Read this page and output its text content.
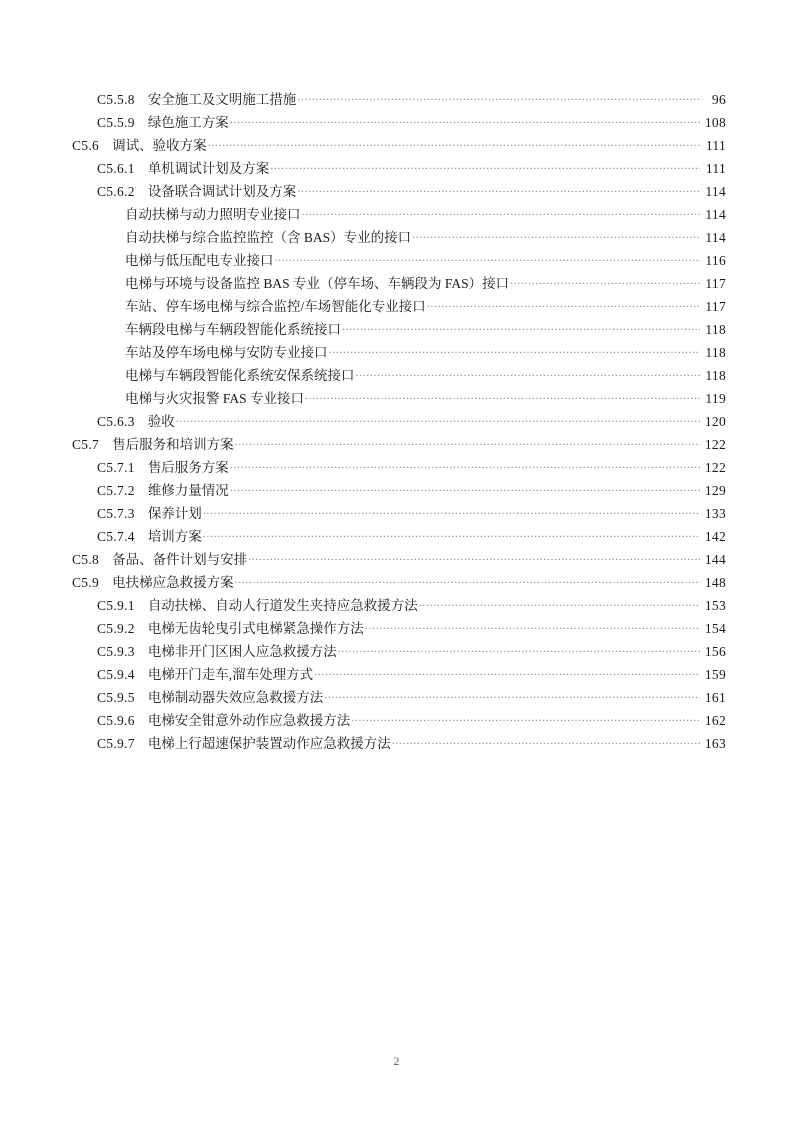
C5.5.8 安全施工及文明施工措施 .....	96
C5.5.9 绿色施工方案 .....	108
C5.6 调试、验收方案 .....	111
C5.6.1 单机调试计划及方案 .....	111
C5.6.2 设备联合调试计划及方案 .....	114
自动扶梯与动力照明专业接口 .....	114
自动扶梯与综合监控监控（含 BAS）专业的接口 .....	114
电梯与低压配电专业接口 .....	116
电梯与环境与设备监控 BAS 专业（停车场、车辆段为 FAS）接口 .....	117
车站、停车场电梯与综合监控/车场智能化专业接口 .....	117
车辆段电梯与车辆段智能化系统接口 .....	118
车站及停车场电梯与安防专业接口 .....	118
电梯与车辆段智能化系统安保系统接口 .....	118
电梯与火灾报警 FAS 专业接口 .....	119
C5.6.3 验收 .....	120
C5.7 售后服务和培训方案 .....	122
C5.7.1 售后服务方案 .....	122
C5.7.2 维修力量情况 .....	129
C5.7.3 保养计划 .....	133
C5.7.4 培训方案 .....	142
C5.8 备品、备件计划与安排 .....	144
C5.9 电扶梯应急救援方案 .....	148
C5.9.1 自动扶梯、自动人行道发生夹持应急救援方法 .....	153
C5.9.2 电梯无齿轮曳引式电梯紧急操作方法 .....	154
C5.9.3 电梯非开门区困人应急救援方法 .....	156
C5.9.4 电梯开门走车,溜车处理方式 .....	159
C5.9.5 电梯制动器失效应急救援方法 .....	161
C5.9.6 电梯安全钳意外动作应急救援方法 .....	162
C5.9.7 电梯上行超速保护装置动作应急救援方法 .....	163
2
